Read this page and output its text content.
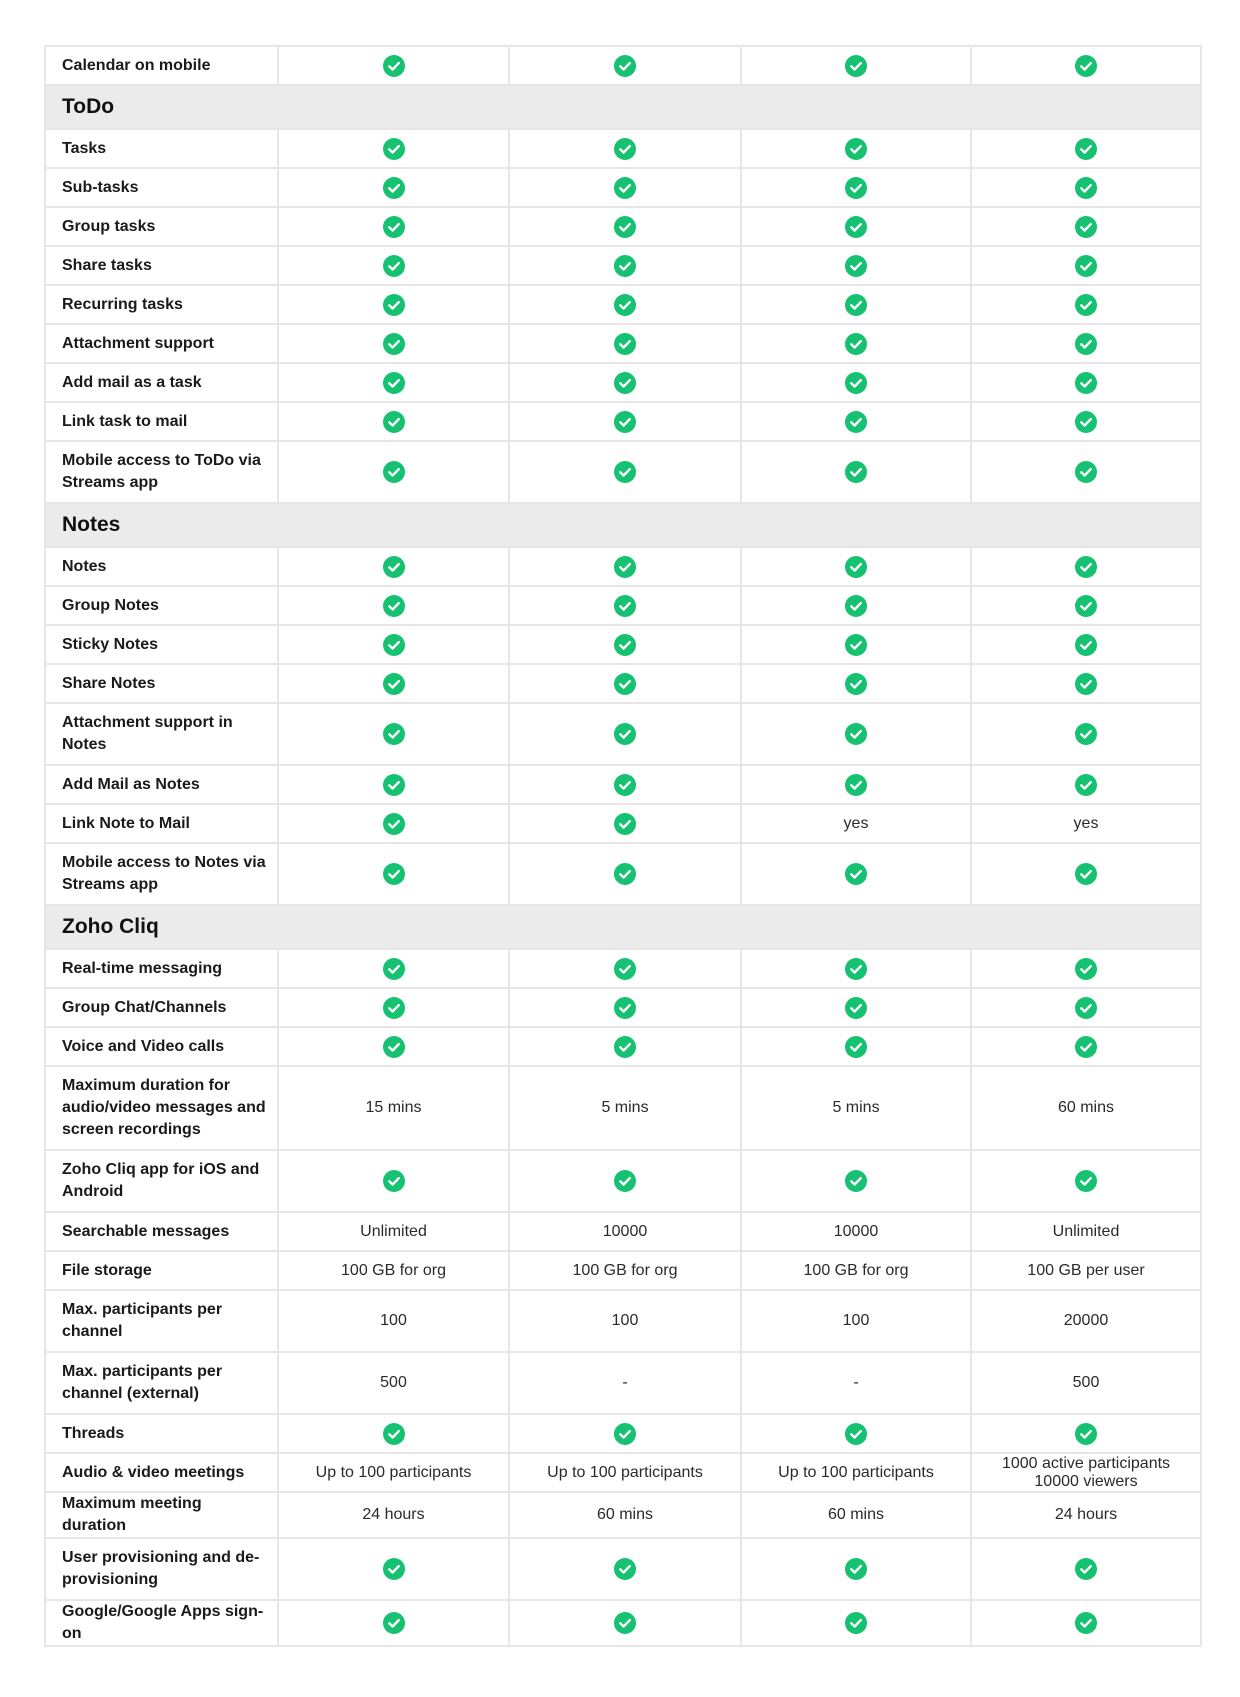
Calendar on mobile				
ToDo				
Tasks				
Sub-tasks				
Group tasks				
Share tasks				
Recurring tasks				
Attachment support				
Add mail as a task				
Link task to mail				
Mobile access to ToDo via Streams app				
Notes				
Notes				
Group Notes				
Sticky Notes				
Share Notes				
Attachment support in Notes				
Add Mail as Notes				
Link Note to Mail			yes	yes
Mobile access to Notes via Streams app				
Zoho Cliq				
Real-time messaging				
Group Chat/Channels				
Voice and Video calls				
Maximum duration for audio/video messages and screen recordings	15 mins	5 mins	5 mins	60 mins
Zoho Cliq app for iOS and Android				
Searchable messages	Unlimited	10000	10000	Unlimited
File storage	100 GB for org	100 GB for org	100 GB for org	100 GB per user
Max. participants per channel	100	100	100	20000
Max. participants per channel (external)	500	-	-	500
Threads				
Audio & video meetings	Up to 100 participants	Up to 100 participants	Up to 100 participants	1000 active participants
10000 viewers
Maximum meeting duration	24 hours	60 mins	60 mins	24 hours
User provisioning and de-provisioning				
Google/Google Apps sign-on				
